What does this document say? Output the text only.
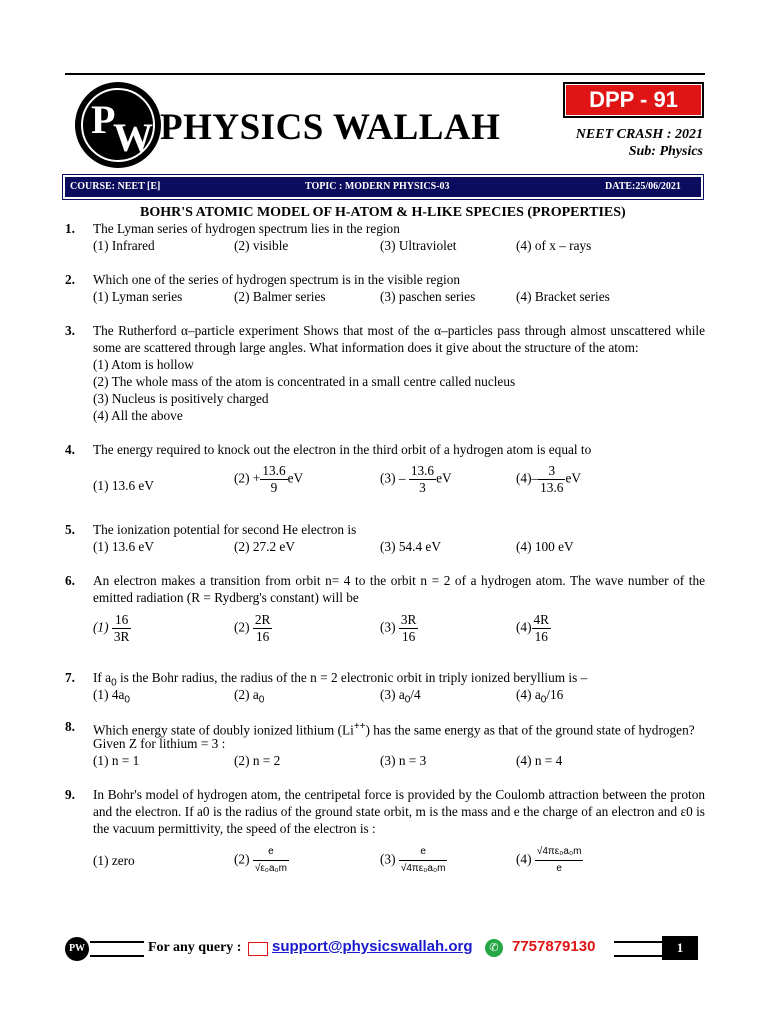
P
W PHYSICS WALLAH
DPP - 91
NEET CRASH : 2021
Sub: Physics
COURSE: NEET [E]	TOPIC : MODERN PHYSICS-03	DATE:25/06/2021
BOHR'S ATOMIC MODEL OF H-ATOM & H-LIKE SPECIES (PROPERTIES)
1. The Lyman series of hydrogen spectrum lies in the region
(1) Infrared	(2) visible	(3) Ultraviolet	(4) of x – rays
2. Which one of the series of hydrogen spectrum is in the visible region
(1) Lyman series	(2) Balmer series	(3) paschen series	(4) Bracket series
3. The Rutherford α–particle experiment Shows that most of the α–particles pass through almost unscattered while some are scattered through large angles. What information does it give about the structure of the atom:
(1) Atom is hollow
(2) The whole mass of the atom is concentrated in a small centre called nucleus
(3) Nucleus is positively charged
(4) All the above
4. The energy required to knock out the electron in the third orbit of a hydrogen atom is equal to
(1) 13.6 eV	$(2) + \frac{13.6}{9}$ eV	$(3) - \frac{13.6}{3}$ eV	$(4)- \frac{3}{13.6}$ eV
5. The ionization potential for second He electron is
(1) 13.6 eV	(2) 27.2 eV	(3) 54.4 eV	(4) 100 eV
6. An electron makes a transition from orbit n= 4 to the orbit n = 2 of a hydrogen atom. The wave number of the emitted radiation (R = Rydberg's constant) will be
$(1) \frac{16}{3R}$	$(2) \frac{2R}{16}$	$(3) \frac{3R}{16}$	$(4) \frac{4R}{16}$
7. If $a_0$ is the Bohr radius, the radius of the n = 2 electronic orbit in triply ionized beryllium is –
(1) $4a_0$	(2) $a_0$	(3) $a_0/4$	(4) $a_0/16$
8. Which energy state of doubly ionized lithium (Li++) has the same energy as that of the ground state of hydrogen?
Given Z for lithium = 3 :
(1) n = 1	(2) n = 2	(3) n = 3	(4) n = 4
9. In Bohr's model of hydrogen atom, the centripetal force is provided by the Coulomb attraction between the proton and the electron. If a0 is the radius of the ground state orbit, m is the mass and e the charge of an electron and ε0 is the vacuum permittivity, the speed of the electron is :
(1) zero	$(2) \frac{e}{\text{√ε₀a₀m}}$	$(3) \frac{e}{\text{√4πε₀a₀m}}$	$(4) \frac{\text{√4πε₀a₀m}}{e}$
PW	For any query : support@physicswallah.org	✆ 7757879130	1
